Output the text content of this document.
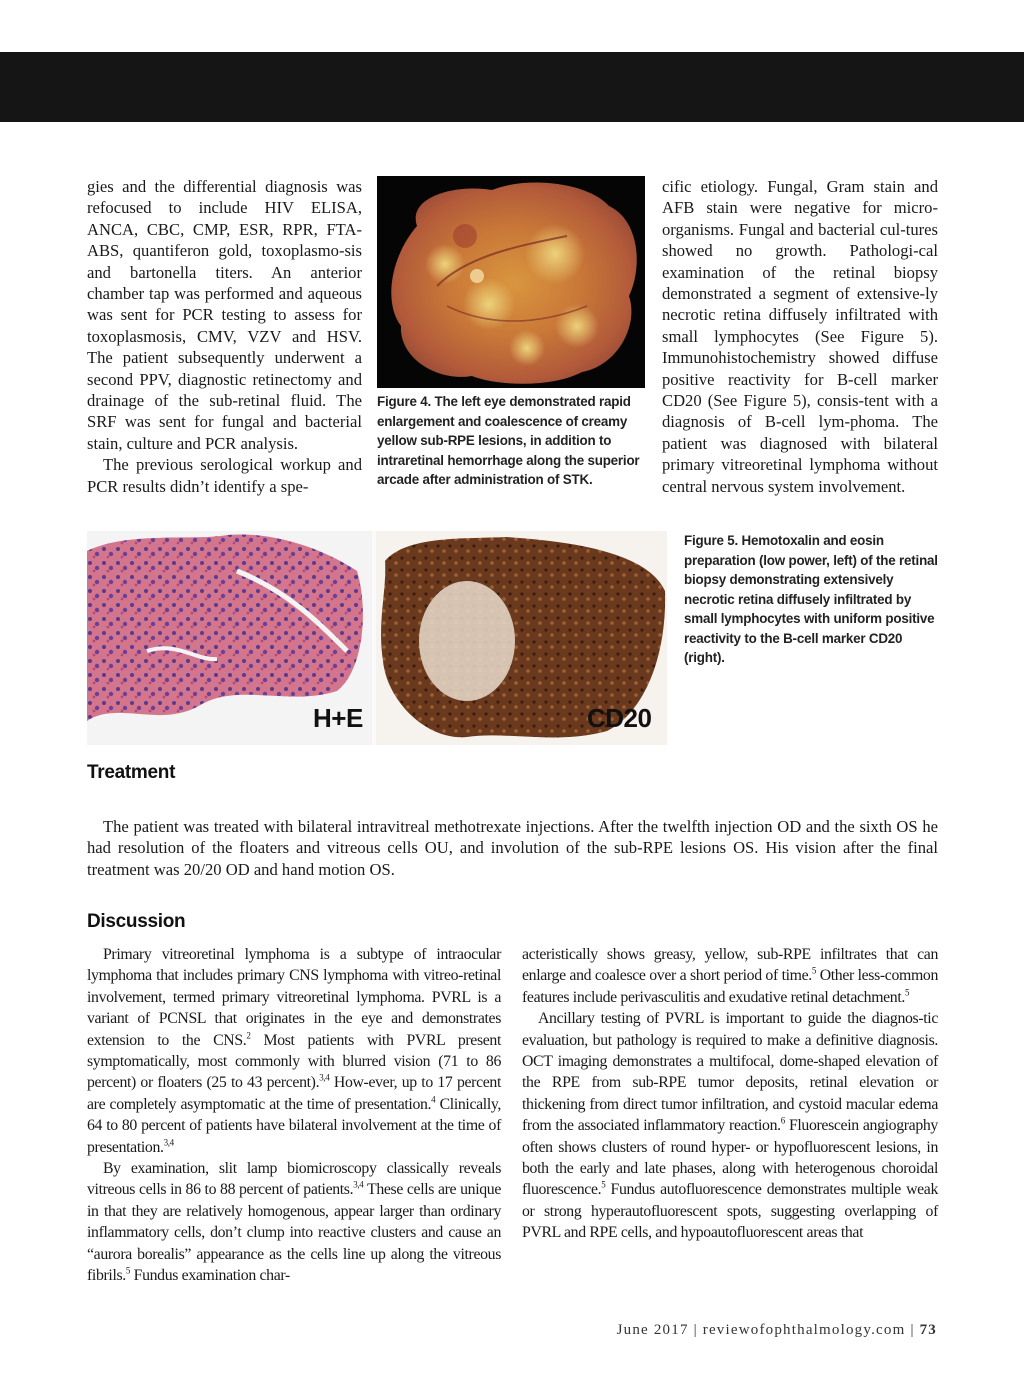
gies and the differential diagnosis was refocused to include HIV ELISA, ANCA, CBC, CMP, ESR, RPR, FTA-ABS, quantiferon gold, toxoplasmo-sis and bartonella titers. An anterior chamber tap was performed and aqueous was sent for PCR testing to assess for toxoplasmosis, CMV, VZV and HSV. The patient subsequently underwent a second PPV, diagnostic retinectomy and drainage of the sub-retinal fluid. The SRF was sent for fungal and bacterial stain, culture and PCR analysis.

The previous serological workup and PCR results didn’t identify a spe-

Figure 4. The left eye demonstrated rapid enlargement and coalescence of creamy yellow sub-RPE lesions, in addition to intraretinal hemorrhage along the superior arcade after administration of STK.

cific etiology. Fungal, Gram stain and AFB stain were negative for micro-organisms. Fungal and bacterial cul-tures showed no growth. Pathologi-cal examination of the retinal biopsy demonstrated a segment of extensive-ly necrotic retina diffusely infiltrated with small lymphocytes (See Figure 5). Immunohistochemistry showed diffuse positive reactivity for B-cell marker CD20 (See Figure 5), consis-tent with a diagnosis of B-cell lym-phoma. The patient was diagnosed with bilateral primary vitreoretinal lymphoma without central nervous system involvement.

H+E	CD20
Figure 5. Hemotoxalin and eosin preparation (low power, left) of the retinal biopsy demonstrating extensively necrotic retina diffusely infiltrated by small lymphocytes with uniform positive reactivity to the B-cell marker CD20 (right).
Treatment

The patient was treated with bilateral intravitreal methotrexate injections. After the twelfth injection OD and the sixth OS he had resolution of the floaters and vitreous cells OU, and involution of the sub-RPE lesions OS. His vision after the final treatment was 20/20 OD and hand motion OS.

Discussion

Primary vitreoretinal lymphoma is a subtype of intraocular lymphoma that includes primary CNS lymphoma with vitreo-retinal involvement, termed primary vitreoretinal lymphoma. PVRL is a variant of PCNSL that originates in the eye and demonstrates extension to the CNS.$^2$ Most patients with PVRL present symptomatically, most commonly with blurred vision (71 to 86 percent) or floaters (25 to 43 percent).$^{3,4}$ How-ever, up to 17 percent are completely asymptomatic at the time of presentation.$^4$ Clinically, 64 to 80 percent of patients have bilateral involvement at the time of presentation.$^{3,4}$

By examination, slit lamp biomicroscopy classically reveals vitreous cells in 86 to 88 percent of patients.$^{3,4}$ These cells are unique in that they are relatively homogenous, appear larger than ordinary inflammatory cells, don’t clump into reactive clusters and cause an “aurora borealis” appearance as the cells line up along the vitreous fibrils.$^5$ Fundus examination char-

acteristically shows greasy, yellow, sub-RPE infiltrates that can enlarge and coalesce over a short period of time.$^5$ Other less-common features include perivasculitis and exudative retinal detachment.$^5$

Ancillary testing of PVRL is important to guide the diagnos-tic evaluation, but pathology is required to make a definitive diagnosis. OCT imaging demonstrates a multifocal, dome-shaped elevation of the RPE from sub-RPE tumor deposits, retinal elevation or thickening from direct tumor infiltration, and cystoid macular edema from the associated inflammatory reaction.$^6$ Fluorescein angiography often shows clusters of round hyper- or hypofluorescent lesions, in both the early and late phases, along with heterogenous choroidal fluorescence.$^5$ Fundus autofluorescence demonstrates multiple weak or strong hyperautofluorescent spots, suggesting overlapping of PVRL and RPE cells, and hypoautofluorescent areas that

June 2017 | reviewofophthalmology.com | 73
